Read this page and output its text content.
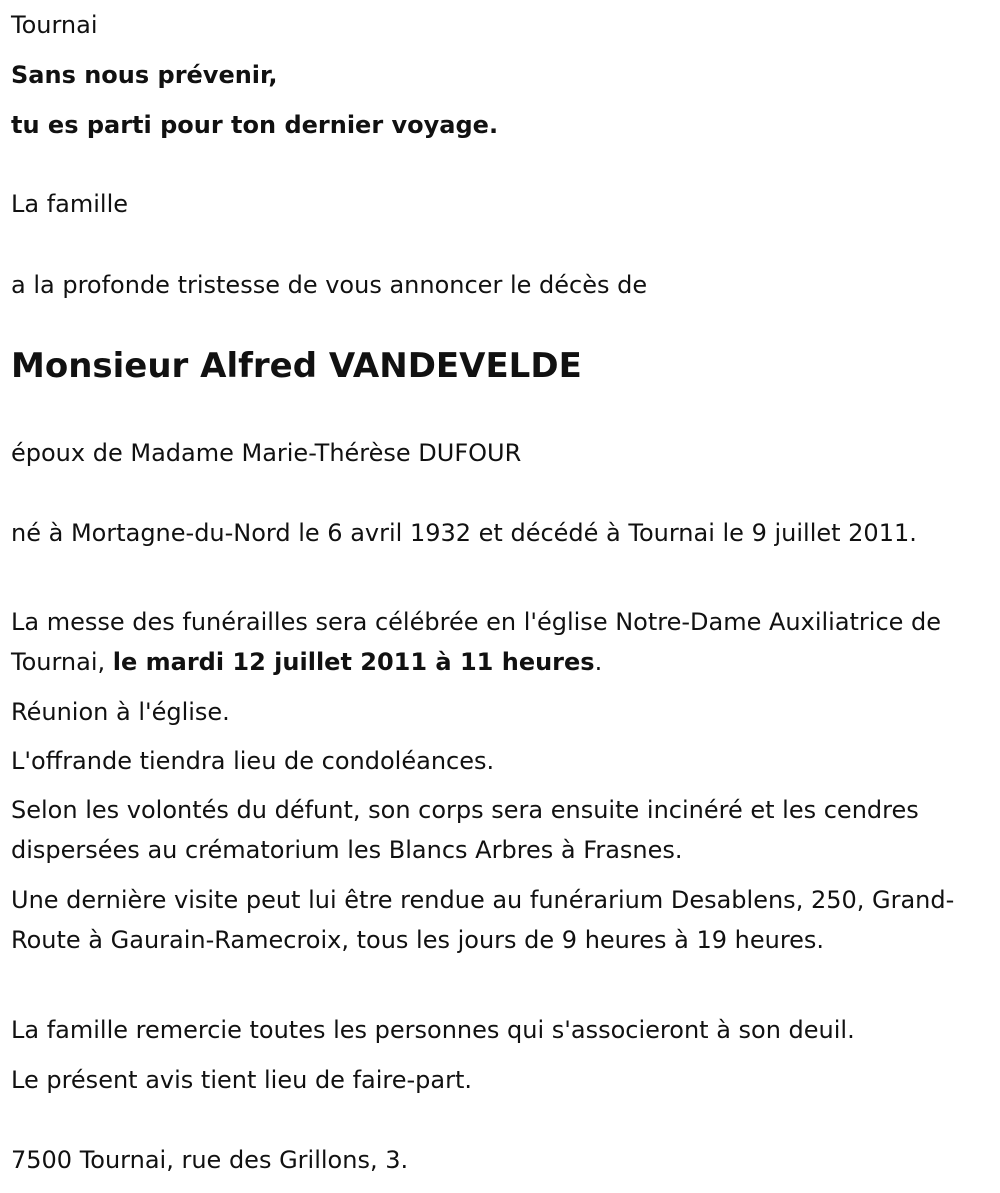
Tournai

Sans nous prévenir,

tu es parti pour ton dernier voyage.

La famille

a la profonde tristesse de vous annoncer le décès de

Monsieur Alfred VANDEVELDE

époux de Madame Marie-Thérèse DUFOUR

né à Mortagne-du-Nord le 6 avril 1932 et décédé à Tournai le 9 juillet 2011.

La messe des funérailles sera célébrée en l'église Notre-Dame Auxiliatrice de Tournai, le mardi 12 juillet 2011 à 11 heures.

Réunion à l'église.

L'offrande tiendra lieu de condoléances.

Selon les volontés du défunt, son corps sera ensuite incinéré et les cendres dispersées au crématorium les Blancs Arbres à Frasnes.

Une dernière visite peut lui être rendue au funérarium Desablens, 250, Grand-Route à Gaurain-Ramecroix, tous les jours de 9 heures à 19 heures.

La famille remercie toutes les personnes qui s'associeront à son deuil.

Le présent avis tient lieu de faire-part.

7500 Tournai, rue des Grillons, 3.
